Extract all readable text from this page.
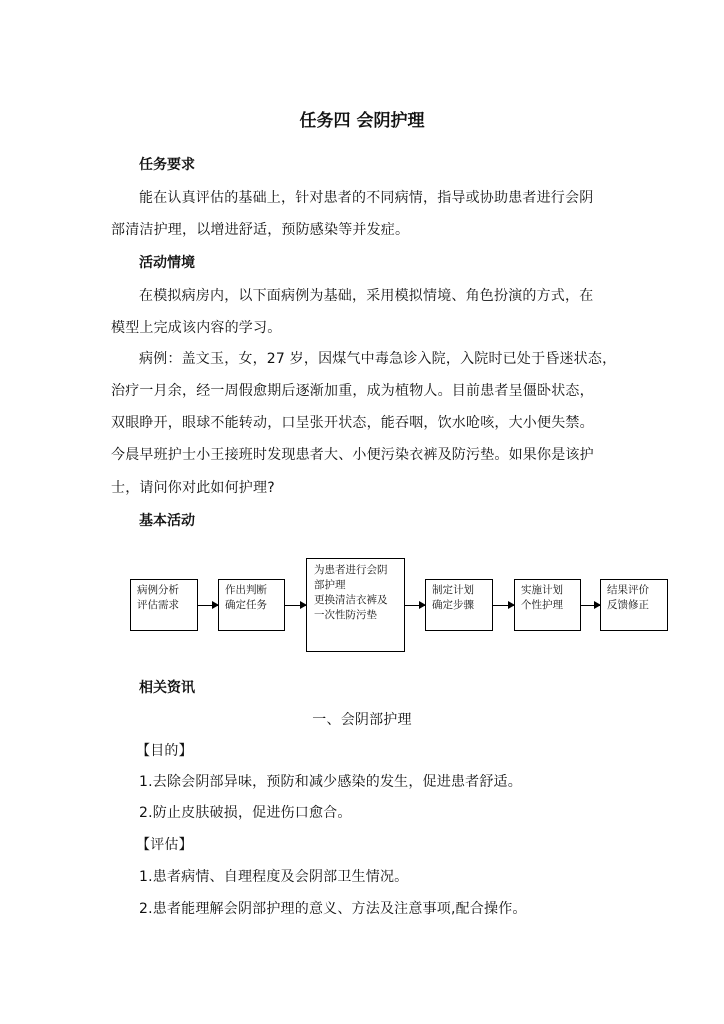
任务四 会阴护理
任务要求
能在认真评估的基础上，针对患者的不同病情，指导或协助患者进行会阴
部清洁护理，以增进舒适，预防感染等并发症。
活动情境
在模拟病房内，以下面病例为基础，采用模拟情境、角色扮演的方式，在
模型上完成该内容的学习。
病例：盖文玉，女，27 岁，因煤气中毒急诊入院，入院时已处于昏迷状态，
治疗一月余，经一周假愈期后逐渐加重，成为植物人。目前患者呈僵卧状态，
双眼睁开，眼球不能转动，口呈张开状态，能吞咽，饮水呛咳，大小便失禁。
今晨早班护士小王接班时发现患者大、小便污染衣裤及防污垫。如果你是该护
士，请问你对此如何护理?
基本活动
病例分析
评估需求
作出判断
确定任务
为患者进行会阴
部护理
更换清洁衣裤及
一次性防污垫
制定计划
确定步骤
实施计划
个性护理
结果评价
反馈修正
相关资讯
一、会阴部护理
【目的】
1.去除会阴部异味，预防和减少感染的发生，促进患者舒适。
2.防止皮肤破损，促进伤口愈合。
【评估】
1.患者病情、自理程度及会阴部卫生情况。
2.患者能理解会阴部护理的意义、方法及注意事项,配合操作。
